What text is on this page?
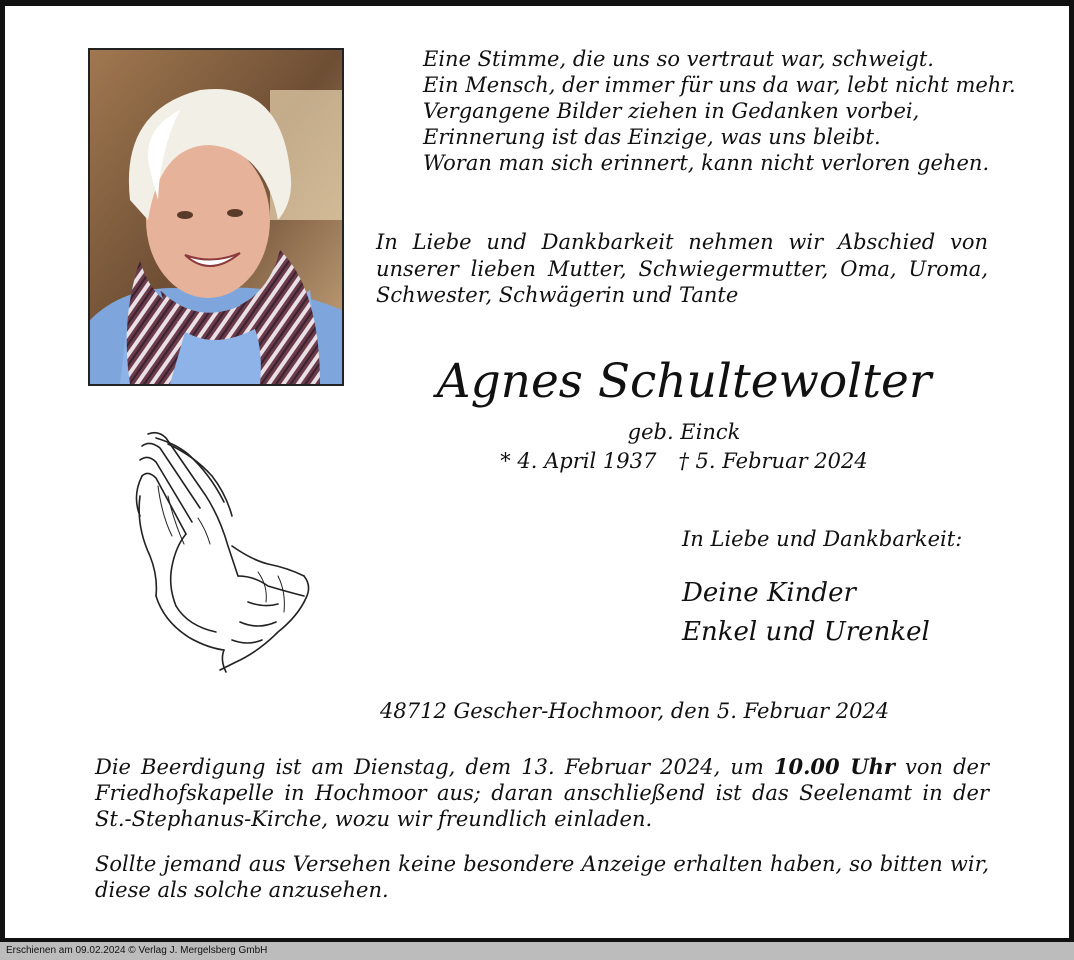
Eine Stimme, die uns so vertraut war, schweigt.
Ein Mensch, der immer für uns da war, lebt nicht mehr.
Vergangene Bilder ziehen in Gedanken vorbei,
Erinnerung ist das Einzige, was uns bleibt.
Woran man sich erinnert, kann nicht verloren gehen.
In Liebe und Dankbarkeit nehmen wir Abschied von unserer lieben Mutter, Schwiegermutter, Oma, Uroma, Schwester, Schwägerin und Tante
Agnes Schultewolter
geb. Einck
* 4. April 1937 † 5. Februar 2024
In Liebe und Dankbarkeit:
Deine Kinder
Enkel und Urenkel
48712 Gescher-Hochmoor, den 5. Februar 2024
Die Beerdigung ist am Dienstag, dem 13. Februar 2024, um 10.00 Uhr von der Friedhofskapelle in Hochmoor aus; daran anschließend ist das Seelenamt in der St.-Stephanus-Kirche, wozu wir freundlich einladen.
Sollte jemand aus Versehen keine besondere Anzeige erhalten haben, so bitten wir, diese als solche anzusehen.
Erschienen am 09.02.2024 © Verlag J. Mergelsberg GmbH
